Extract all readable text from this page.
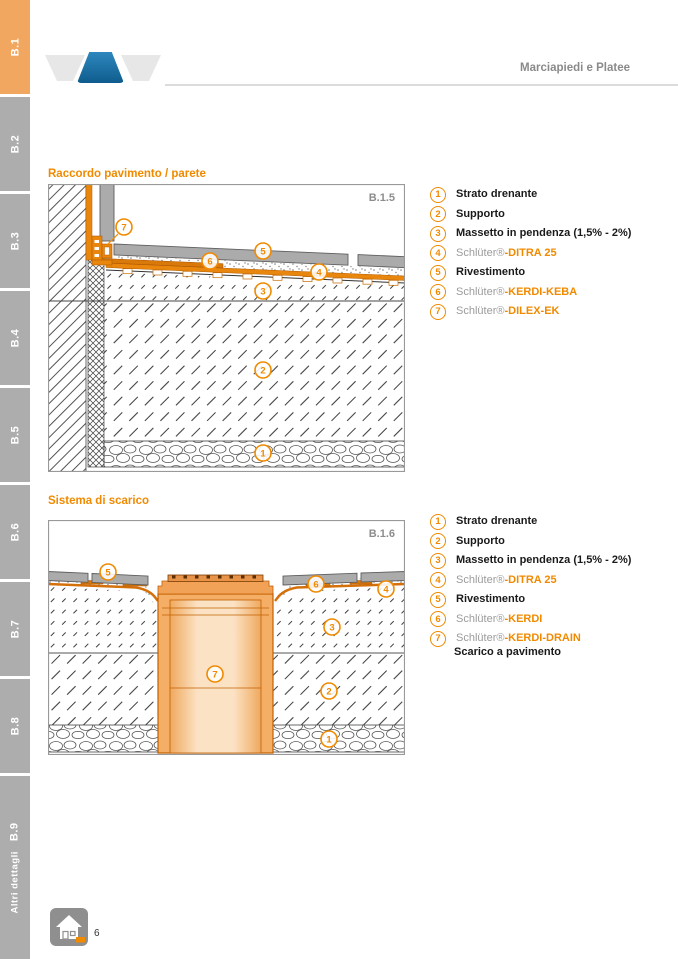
B.1
B.2
B.3
B.4
B.5
B.6
B.7
B.8
Altri dettagliB.9
Marciapiedi e Platee
Raccordo pavimento / parete
B.1.5
7
5
6
4
3
2
1
1	Strato drenante
2	Supporto
3	Massetto in pendenza (1,5% - 2%)
4	Schlüter®-DITRA 25
5	Rivestimento
6	Schlüter®-KERDI-KEBA
7	Schlüter®-DILEX-EK
Sistema di scarico
B.1.6
5
6	4
3
7
2
1
1	Strato drenante
2	Supporto
3	Massetto in pendenza (1,5% - 2%)
4	Schlüter®-DITRA 25
5	Rivestimento
6	Schlüter®-KERDI
7	Schlüter®-KERDI-DRAIN
Scarico a pavimento
6
